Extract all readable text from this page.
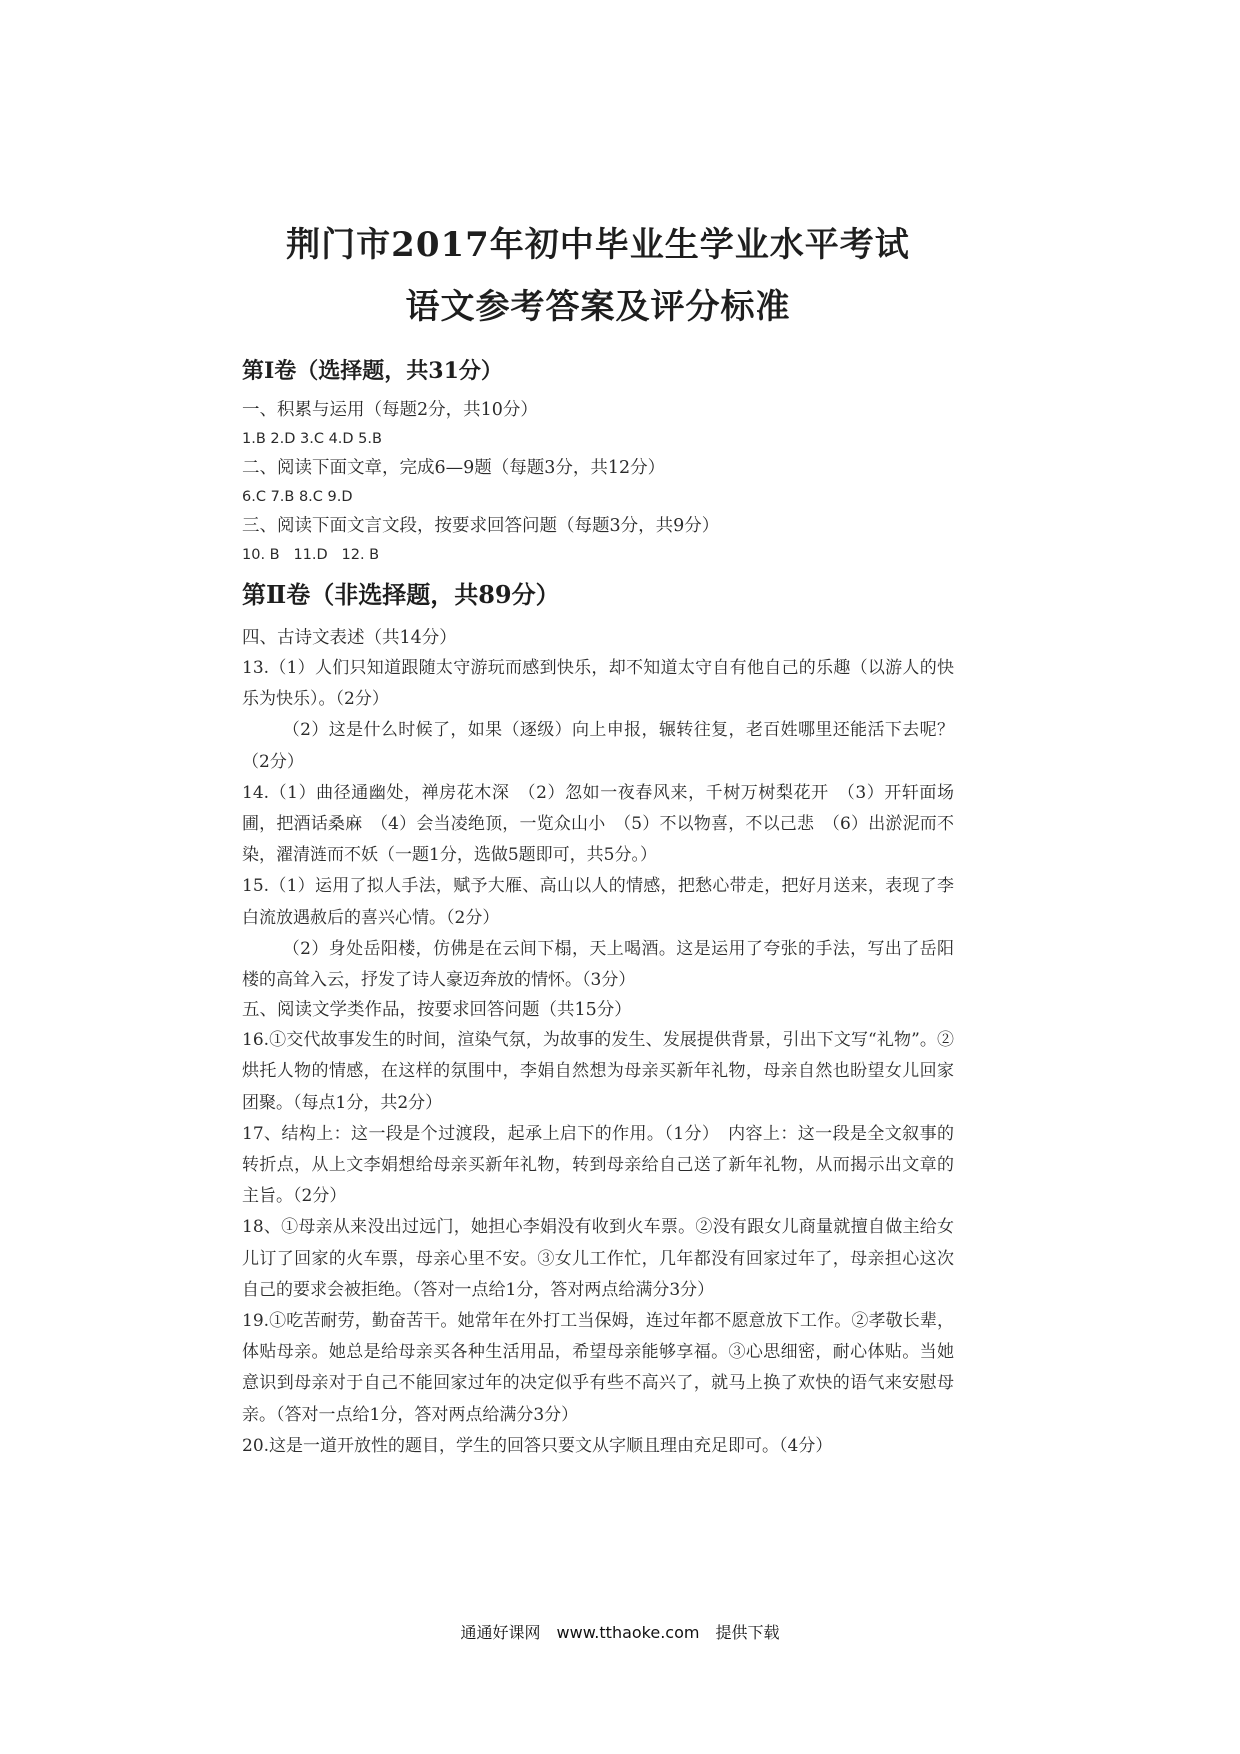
荆门市2017年初中毕业生学业水平考试

语文参考答案及评分标准

第Ⅰ卷（选择题，共31分）

一、积累与运用（每题2分，共10分）

1.B 2.D 3.C 4.D 5.B

二、阅读下面文章，完成6—9题（每题3分，共12分）

6.C 7.B 8.C 9.D

三、阅读下面文言文段，按要求回答问题（每题3分，共9分）

10. B   11.D   12. B

第Ⅱ卷（非选择题，共89分）

四、古诗文表述（共14分）

13.（1）人们只知道跟随太守游玩而感到快乐，却不知道太守自有他自己的乐趣（以游人的快乐为快乐）。（2分）

（2）这是什么时候了，如果（逐级）向上申报，辗转往复，老百姓哪里还能活下去呢？（2分）

14.（1）曲径通幽处，禅房花木深　（2）忽如一夜春风来，千树万树梨花开　（3）开轩面场圃，把酒话桑麻　（4）会当凌绝顶，一览众山小　（5）不以物喜，不以己悲　（6）出淤泥而不染，濯清涟而不妖（一题1分，选做5题即可，共5分。）

15.（1）运用了拟人手法，赋予大雁、高山以人的情感，把愁心带走，把好月送来，表现了李白流放遇赦后的喜兴心情。（2分）

（2）身处岳阳楼，仿佛是在云间下榻，天上喝酒。这是运用了夸张的手法，写出了岳阳楼的高耸入云，抒发了诗人豪迈奔放的情怀。（3分）

五、阅读文学类作品，按要求回答问题（共15分）

16.①交代故事发生的时间，渲染气氛，为故事的发生、发展提供背景，引出下文写“礼物”。②烘托人物的情感，在这样的氛围中，李娟自然想为母亲买新年礼物，母亲自然也盼望女儿回家团聚。（每点1分，共2分）

17、结构上：这一段是个过渡段，起承上启下的作用。（1分）　内容上：这一段是全文叙事的转折点，从上文李娟想给母亲买新年礼物，转到母亲给自己送了新年礼物，从而揭示出文章的主旨。（2分）

18、①母亲从来没出过远门，她担心李娟没有收到火车票。②没有跟女儿商量就擅自做主给女儿订了回家的火车票，母亲心里不安。③女儿工作忙，几年都没有回家过年了，母亲担心这次自己的要求会被拒绝。（答对一点给1分，答对两点给满分3分）

19.①吃苦耐劳，勤奋苦干。她常年在外打工当保姆，连过年都不愿意放下工作。②孝敬长辈，体贴母亲。她总是给母亲买各种生活用品，希望母亲能够享福。③心思细密，耐心体贴。当她意识到母亲对于自己不能回家过年的决定似乎有些不高兴了，就马上换了欢快的语气来安慰母亲。（答对一点给1分，答对两点给满分3分）

20.这是一道开放性的题目，学生的回答只要文从字顺且理由充足即可。（4分）

通通好课网　www.tthaoke.com　提供下载
